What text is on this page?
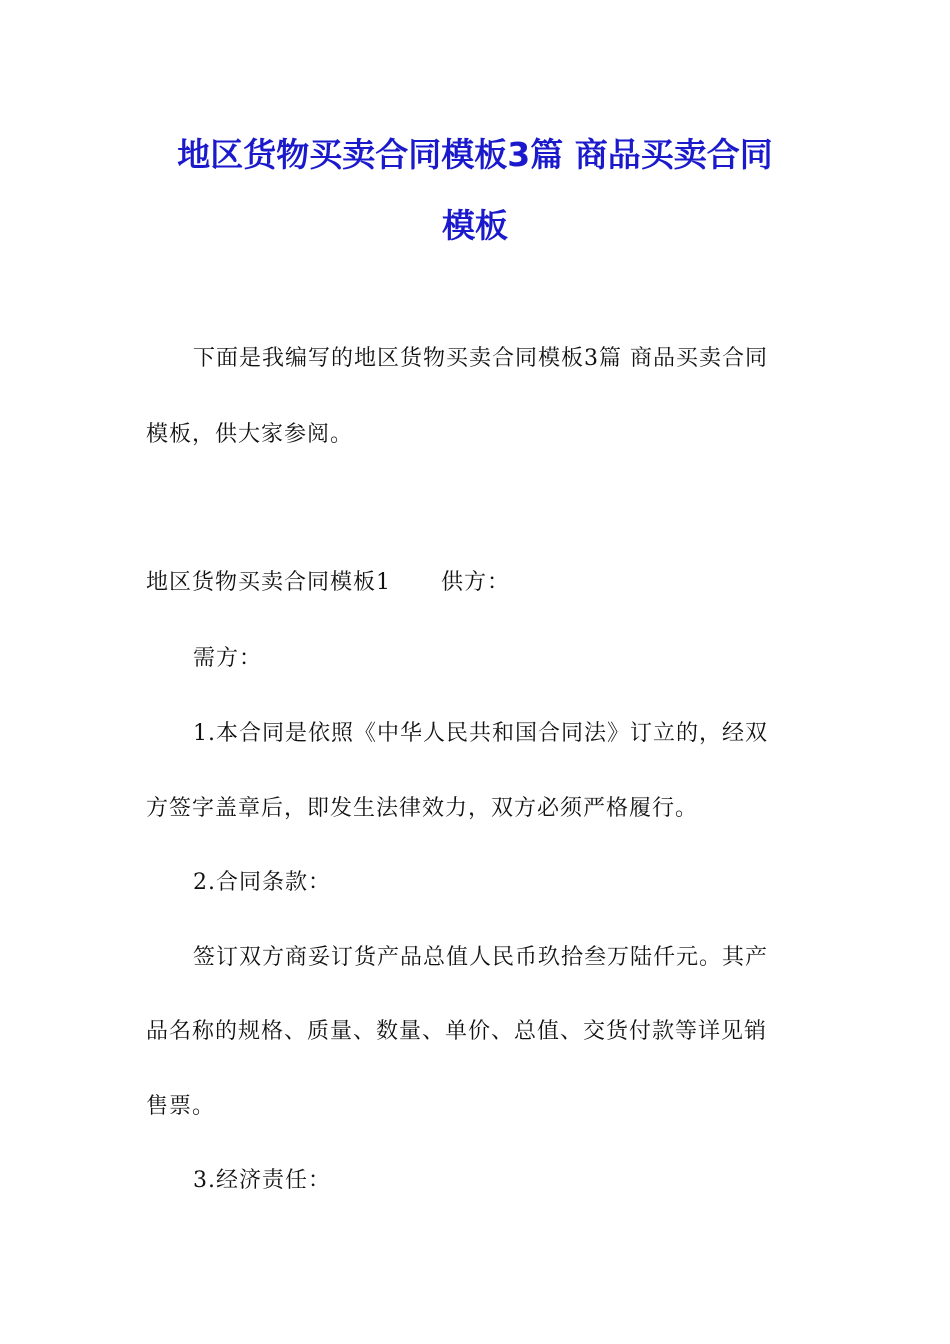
地区货物买卖合同模板3篇 商品买卖合同
模板

下面是我编写的地区货物买卖合同模板3篇 商品买卖合同

模板，供大家参阅。

地区货物买卖合同模板1 供方：

需方：

1.本合同是依照《中华人民共和国合同法》订立的，经双

方签字盖章后，即发生法律效力，双方必须严格履行。

2.合同条款：

签订双方商妥订货产品总值人民币玖拾叁万陆仟元。其产

品名称的规格、质量、数量、单价、总值、交货付款等详见销

售票。

3.经济责任：
